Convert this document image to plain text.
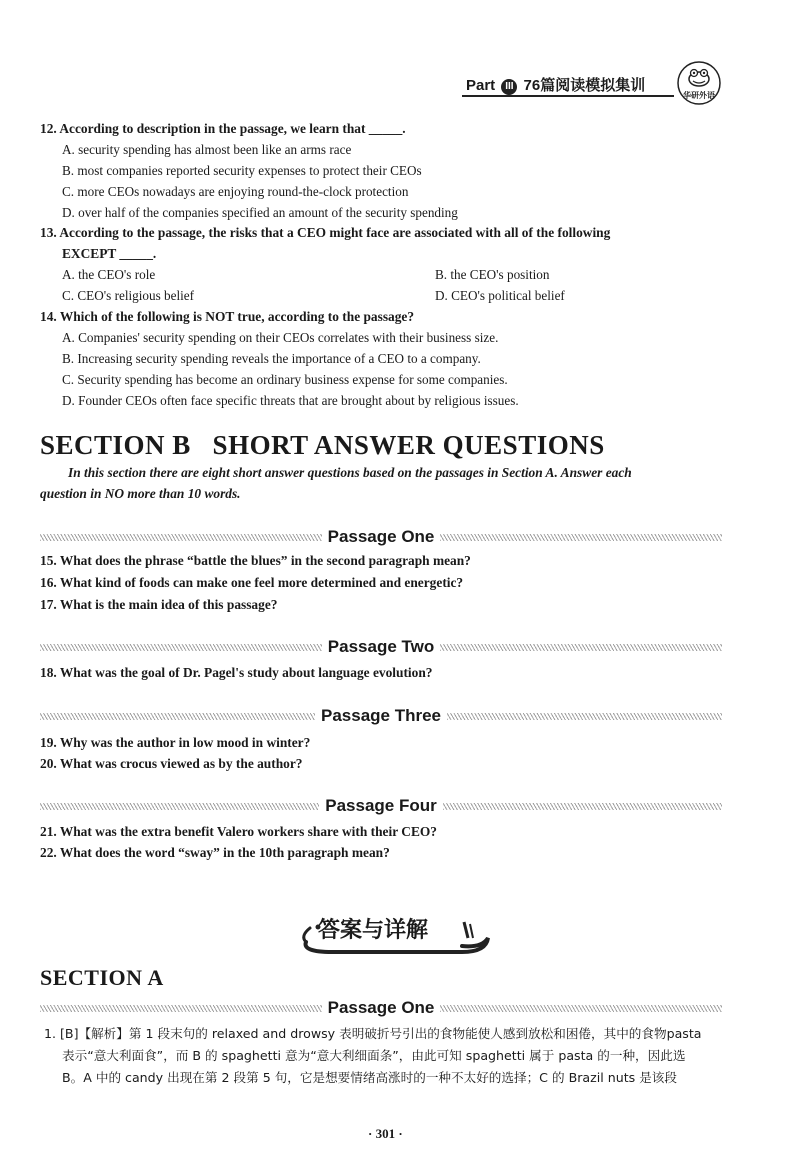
Part III 76篇阅读模拟集训
华研外语
12. According to description in the passage, we learn that _____.
A. security spending has almost been like an arms race
B. most companies reported security expenses to protect their CEOs
C. more CEOs nowadays are enjoying round-the-clock protection
D. over half of the companies specified an amount of the security spending
13. According to the passage, the risks that a CEO might face are associated with all of the following
EXCEPT _____.
A. the CEO's role	B. the CEO's position
C. CEO's religious belief	D. CEO's political belief
14. Which of the following is NOT true, according to the passage?
A. Companies' security spending on their CEOs correlates with their business size.
B. Increasing security spending reveals the importance of a CEO to a company.
C. Security spending has become an ordinary business expense for some companies.
D. Founder CEOs often face specific threats that are brought about by religious issues.
SECTION B   SHORT ANSWER QUESTIONS
In this section there are eight short answer questions based on the passages in Section A. Answer each
question in NO more than 10 words.
Passage One
15. What does the phrase “battle the blues” in the second paragraph mean?
16. What kind of foods can make one feel more determined and energetic?
17. What is the main idea of this passage?
Passage Two
18. What was the goal of Dr. Pagel's study about language evolution?
Passage Three
19. Why was the author in low mood in winter?
20. What was crocus viewed as by the author?
Passage Four
21. What was the extra benefit Valero workers share with their CEO?
22. What does the word “sway” in the 10th paragraph mean?
答案与详解
SECTION A
Passage One
1. [B]【解析】第 1 段末句的 relaxed and drowsy 表明破折号引出的食物能使人感到放松和困倦，其中的食物pasta
表示“意大利面食”，而 B 的 spaghetti 意为“意大利细面条”，由此可知 spaghetti 属于 pasta 的一种，因此选
B。A 中的 candy 出现在第 2 段第 5 句，它是想要情绪高涨时的一种不太好的选择；C 的 Brazil nuts 是该段
· 301 ·
